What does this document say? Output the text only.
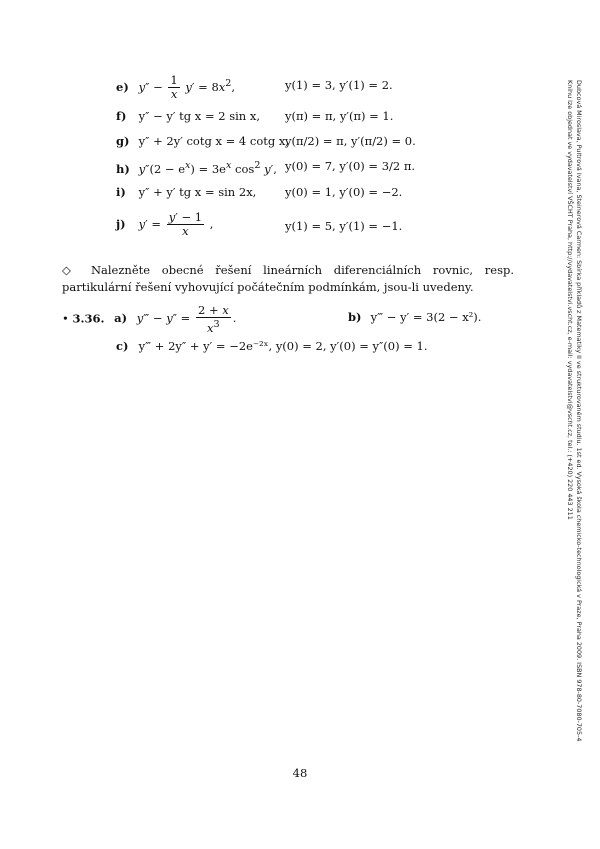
e) $y'' - \frac{1}{x} y' = 8x^2$,	y(1) = 3, y′(1) = 2.
f) y″ − y′ tg x = 2 sin x, y(π) = π, y′(π) = 1.
g) y″ + 2y′ cotg x = 4 cotg x,
y(π/2) = π, y′(π/2) = 0.
h) $y''(2 - e^x) = 3e^x$ $\cos^2 y'$, y(0) = 7, y′(0) = 3/2 π.
i) y″ + y′ tg x = sin 2x, y(0) = 1, y′(0) = −2.
j) $y' = \frac{y' - 1}{x}$ ,	y(1) = 5, y′(1) = −1.
◇ Nalezněte obecné řešení lineárních diferenciálních rovnic, resp. partikulární řešení vyhovující počátečním podmínkám, jsou-li uvedeny.
• 3.36. a) y‴ − $y'' = \frac{2 + x}{x^3}$ .	b) y‴ − y′ = 3(2 − x²).
c) y‴ + 2y″ + y′ = −2e⁻²ˣ, y(0) = 2, y′(0) = y″(0) = 1.
48
Dubcová Miroslava, Pultrová Ivana, Steinerová Carmen: Sbírka příkladů z Matematiky II ve strukturovaném studiu. 1st ed. Vysoká škola chemicko-technologická v Praze, Praha 2009. ISBN 978-80-7080-705-4
Knihu lze objednat ve vydavatelství VŠCHT Praha, http://vydavatelstvi.vscht.cz, e-mail: vydavatelstvi@vscht.cz, tel.: (+420) 220 443 211
